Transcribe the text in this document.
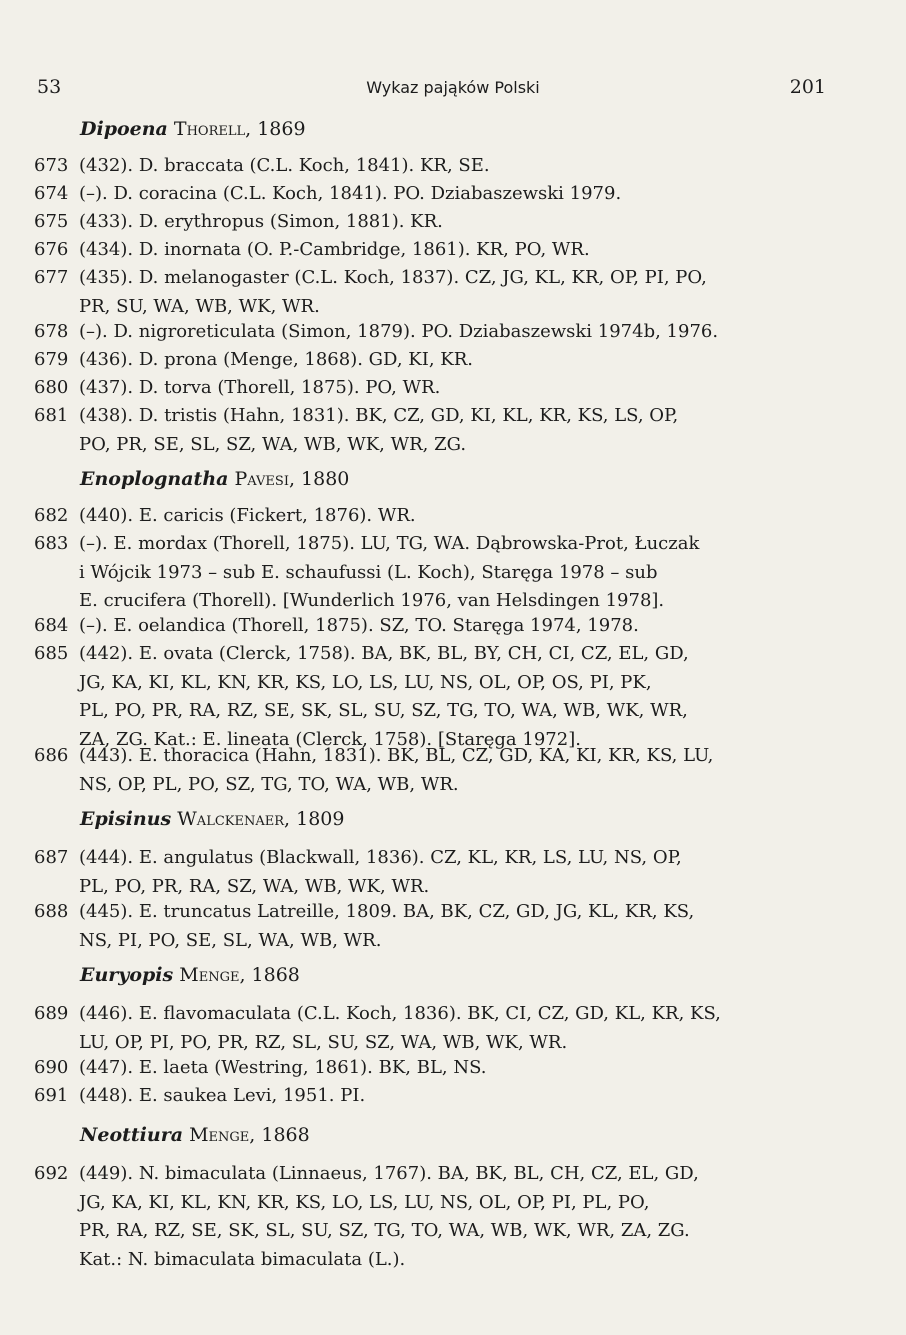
53	Wykaz pająków Polski	201
Dipoena Thorell, 1869
673 (432). D. braccata (C.L. Koch, 1841). KR, SE.
674 (–). D. coracina (C.L. Koch, 1841). PO. Dziabaszewski 1979.
675 (433). D. erythropus (Simon, 1881). KR.
676 (434). D. inornata (O. P.-Cambridge, 1861). KR, PO, WR.
677 (435). D. melanogaster (C.L. Koch, 1837). CZ, JG, KL, KR, OP, PI, PO,
PR, SU, WA, WB, WK, WR.
678 (–). D. nigroreticulata (Simon, 1879). PO. Dziabaszewski 1974b, 1976.
679 (436). D. prona (Menge, 1868). GD, KI, KR.
680 (437). D. torva (Thorell, 1875). PO, WR.
681 (438). D. tristis (Hahn, 1831). BK, CZ, GD, KI, KL, KR, KS, LS, OP,
PO, PR, SE, SL, SZ, WA, WB, WK, WR, ZG.
Enoplognatha Pavesi, 1880
682 (440). E. caricis (Fickert, 1876). WR.
683 (–). E. mordax (Thorell, 1875). LU, TG, WA. Dąbrowska-Prot, Łuczak
i Wójcik 1973 – sub E. schaufussi (L. Koch), Staręga 1978 – sub
E. crucifera (Thorell). [Wunderlich 1976, van Helsdingen 1978].
684 (–). E. oelandica (Thorell, 1875). SZ, TO. Staręga 1974, 1978.
685 (442). E. ovata (Clerck, 1758). BA, BK, BL, BY, CH, CI, CZ, EL, GD,
JG, KA, KI, KL, KN, KR, KS, LO, LS, LU, NS, OL, OP, OS, PI, PK,
PL, PO, PR, RA, RZ, SE, SK, SL, SU, SZ, TG, TO, WA, WB, WK, WR,
ZA, ZG. Kat.: E. lineata (Clerck, 1758). [Staręga 1972].
686 (443). E. thoracica (Hahn, 1831). BK, BL, CZ, GD, KA, KI, KR, KS, LU,
NS, OP, PL, PO, SZ, TG, TO, WA, WB, WR.
Episinus Walckenaer, 1809
687 (444). E. angulatus (Blackwall, 1836). CZ, KL, KR, LS, LU, NS, OP,
PL, PO, PR, RA, SZ, WA, WB, WK, WR.
688 (445). E. truncatus Latreille, 1809. BA, BK, CZ, GD, JG, KL, KR, KS,
NS, PI, PO, SE, SL, WA, WB, WR.
Euryopis Menge, 1868
689 (446). E. flavomaculata (C.L. Koch, 1836). BK, CI, CZ, GD, KL, KR, KS,
LU, OP, PI, PO, PR, RZ, SL, SU, SZ, WA, WB, WK, WR.
690 (447). E. laeta (Westring, 1861). BK, BL, NS.
691 (448). E. saukea Levi, 1951. PI.
Neottiura Menge, 1868
692 (449). N. bimaculata (Linnaeus, 1767). BA, BK, BL, CH, CZ, EL, GD,
JG, KA, KI, KL, KN, KR, KS, LO, LS, LU, NS, OL, OP, PI, PL, PO,
PR, RA, RZ, SE, SK, SL, SU, SZ, TG, TO, WA, WB, WK, WR, ZA, ZG.
Kat.: N. bimaculata bimaculata (L.).
